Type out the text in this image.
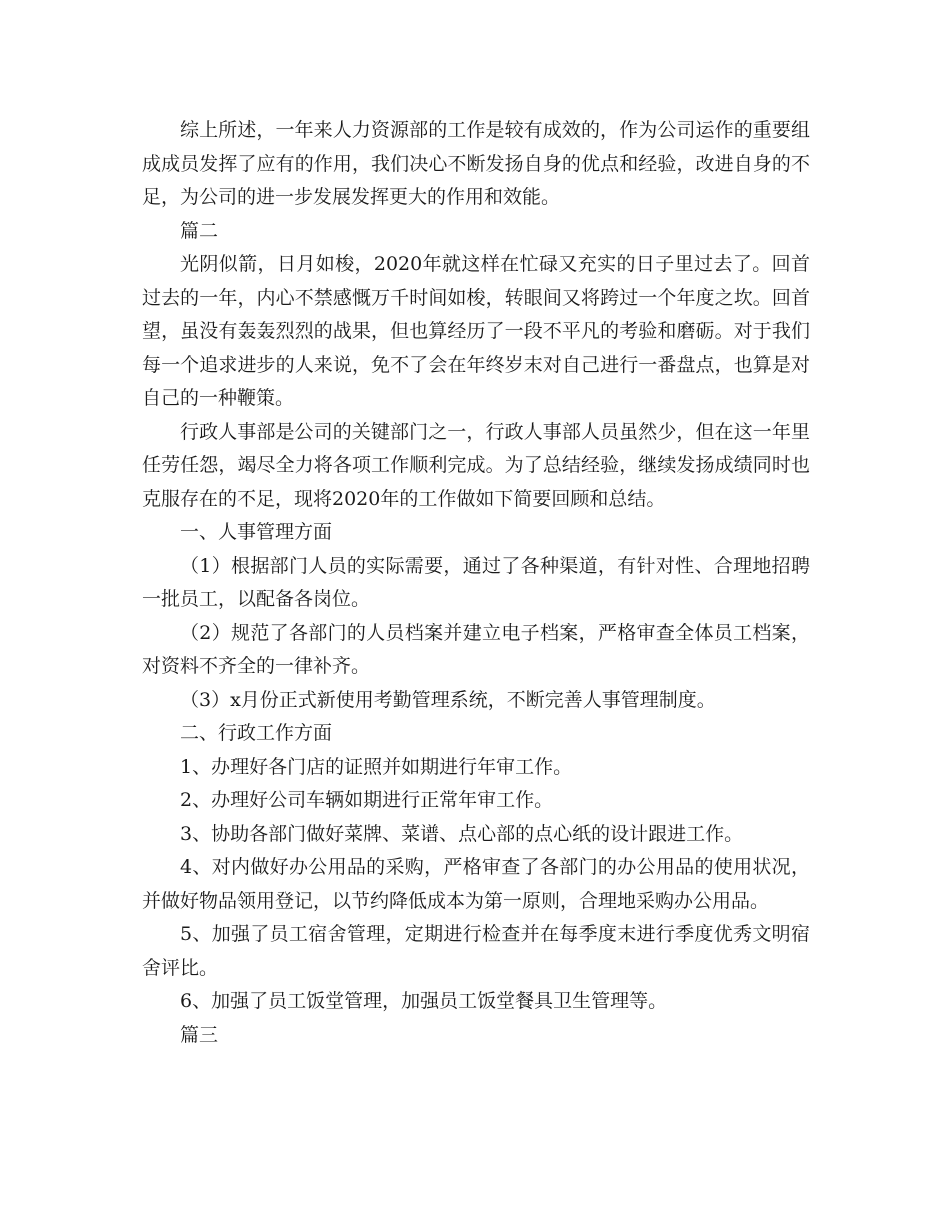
综上所述，一年来人力资源部的工作是较有成效的，作为公司运作的重要组成成员发挥了应有的作用，我们决心不断发扬自身的优点和经验，改进自身的不足，为公司的进一步发展发挥更大的作用和效能。

篇二

光阴似箭，日月如梭，2020年就这样在忙碌又充实的日子里过去了。回首过去的一年，内心不禁感慨万千时间如梭，转眼间又将跨过一个年度之坎。回首望，虽没有轰轰烈烈的战果，但也算经历了一段不平凡的考验和磨砺。对于我们每一个追求进步的人来说，免不了会在年终岁末对自己进行一番盘点，也算是对自己的一种鞭策。

行政人事部是公司的关键部门之一，行政人事部人员虽然少，但在这一年里任劳任怨，竭尽全力将各项工作顺利完成。为了总结经验，继续发扬成绩同时也克服存在的不足，现将2020年的工作做如下简要回顾和总结。

一、人事管理方面

（1）根据部门人员的实际需要，通过了各种渠道，有针对性、合理地招聘一批员工，以配备各岗位。

（2）规范了各部门的人员档案并建立电子档案，严格审查全体员工档案，对资料不齐全的一律补齐。

（3）x月份正式新使用考勤管理系统，不断完善人事管理制度。

二、行政工作方面

1、办理好各门店的证照并如期进行年审工作。

2、办理好公司车辆如期进行正常年审工作。

3、协助各部门做好菜牌、菜谱、点心部的点心纸的设计跟进工作。

4、对内做好办公用品的采购，严格审查了各部门的办公用品的使用状况，并做好物品领用登记，以节约降低成本为第一原则，合理地采购办公用品。

5、加强了员工宿舍管理，定期进行检查并在每季度末进行季度优秀文明宿舍评比。

6、加强了员工饭堂管理，加强员工饭堂餐具卫生管理等。

篇三
